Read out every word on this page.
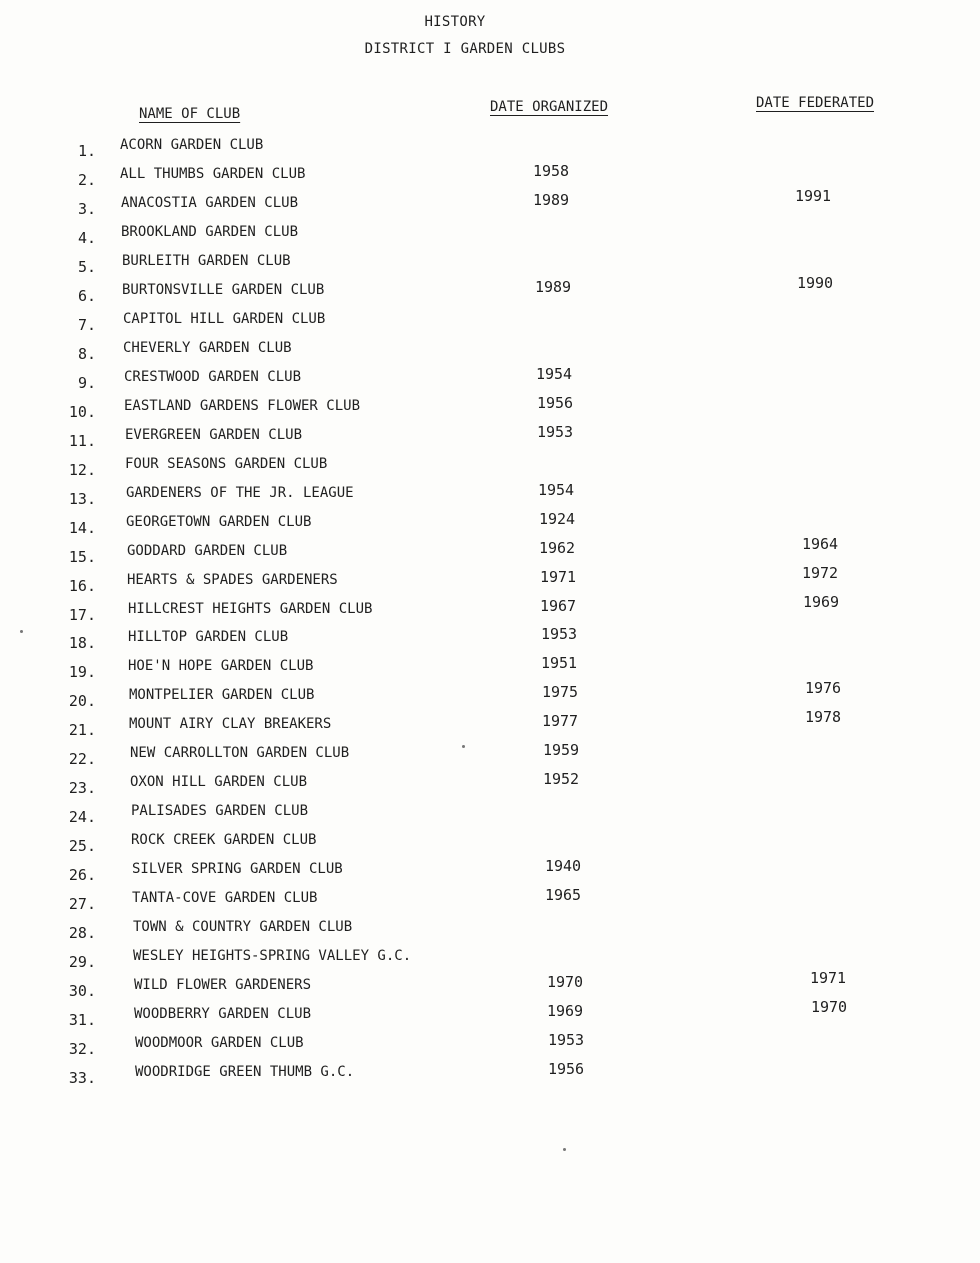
HISTORY
DISTRICT I GARDEN CLUBS
NAME OF CLUB	DATE ORGANIZED	DATE FEDERATED
1. ACORN GARDEN CLUB
2. ALL THUMBS GARDEN CLUB	1958
3. ANACOSTIA GARDEN CLUB	1989	1991
4. BROOKLAND GARDEN CLUB
5. BURLEITH GARDEN CLUB
6. BURTONSVILLE GARDEN CLUB	1989	1990
7. CAPITOL HILL GARDEN CLUB
8. CHEVERLY GARDEN CLUB
9. CRESTWOOD GARDEN CLUB	1954
10. EASTLAND GARDENS FLOWER CLUB	1956
11. EVERGREEN GARDEN CLUB	1953
12. FOUR SEASONS GARDEN CLUB
13. GARDENERS OF THE JR. LEAGUE	1954
14. GEORGETOWN GARDEN CLUB	1924
15. GODDARD GARDEN CLUB	1962	1964
16. HEARTS & SPADES GARDENERS	1971	1972
17. HILLCREST HEIGHTS GARDEN CLUB	1967	1969
18. HILLTOP GARDEN CLUB	1953
19. HOE'N HOPE GARDEN CLUB	1951
20. MONTPELIER GARDEN CLUB	1975	1976
21. MOUNT AIRY CLAY BREAKERS	1977	1978
22. NEW CARROLLTON GARDEN CLUB	1959
23. OXON HILL GARDEN CLUB	1952
24.	PALISADES GARDEN CLUB
25.	ROCK CREEK GARDEN CLUB
26.	SILVER SPRING GARDEN CLUB	1940
27.	TANTA-COVE GARDEN CLUB	1965
28.	TOWN & COUNTRY GARDEN CLUB
29.	WESLEY HEIGHTS-SPRING VALLEY G.C.
30.	WILD FLOWER GARDENERS	1970	1971
31.	WOODBERRY GARDEN CLUB	1969	1970
32.	WOODMOOR GARDEN CLUB	1953
33.	WOODRIDGE GREEN THUMB G.C.	1956
